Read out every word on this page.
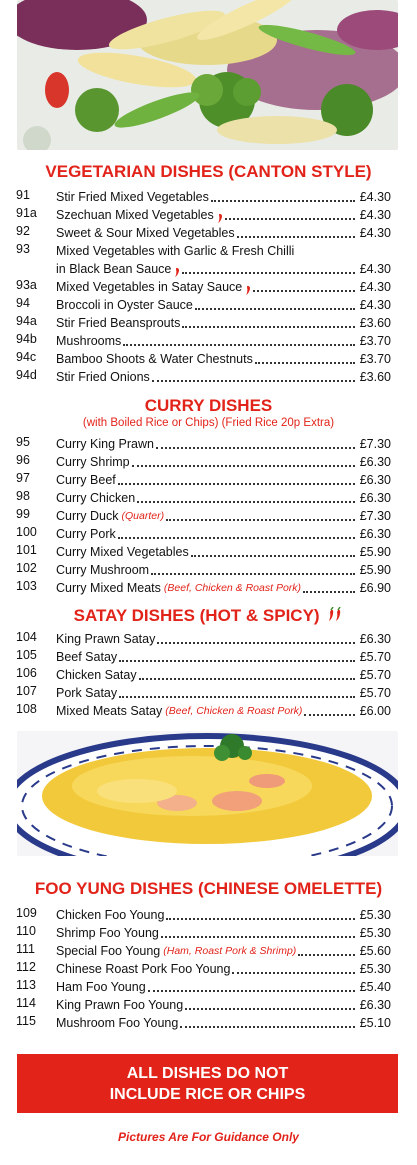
VEGETARIAN DISHES (CANTON STYLE)
91	Stir Fried Mixed Vegetables	£4.30
91a	Szechuan Mixed Vegetables	£4.30
92	Sweet & Sour Mixed Vegetables	£4.30
93	Mixed Vegetables with Garlic & Fresh Chilli
in Black Bean Sauce	£4.30
93a	Mixed Vegetables in Satay Sauce	£4.30
94	Broccoli in Oyster Sauce	£4.30
94a	Stir Fried Beansprouts	£3.60
94b	Mushrooms	£3.70
94c	Bamboo Shoots & Water Chestnuts	£3.70
94d	Stir Fried Onions	£3.60
CURRY DISHES
(with Boiled Rice or Chips) (Fried Rice 20p Extra)
95	Curry King Prawn	£7.30
96	Curry Shrimp	£6.30
97	Curry Beef	£6.30
98	Curry Chicken	£6.30
99	Curry Duck (Quarter)	£7.30
100	Curry Pork	£6.30
101	Curry Mixed Vegetables	£5.90
102	Curry Mushroom	£5.90
103	Curry Mixed Meats (Beef, Chicken & Roast Pork)	£6.90
SATAY DISHES (HOT & SPICY)
104	King Prawn Satay	£6.30
105	Beef Satay	£5.70
106	Chicken Satay	£5.70
107	Pork Satay	£5.70
108	Mixed Meats Satay (Beef, Chicken & Roast Pork)	£6.00
FOO YUNG DISHES (CHINESE OMELETTE)
109	Chicken Foo Young	£5.30
110	Shrimp Foo Young	£5.30
111	Special Foo Young (Ham, Roast Pork & Shrimp)	£5.60
112	Chinese Roast Pork Foo Young	£5.30
113	Ham Foo Young	£5.40
114	King Prawn Foo Young	£6.30
115	Mushroom Foo Young	£5.10
ALL DISHES DO NOT
INCLUDE RICE OR CHIPS
Pictures Are For Guidance Only
